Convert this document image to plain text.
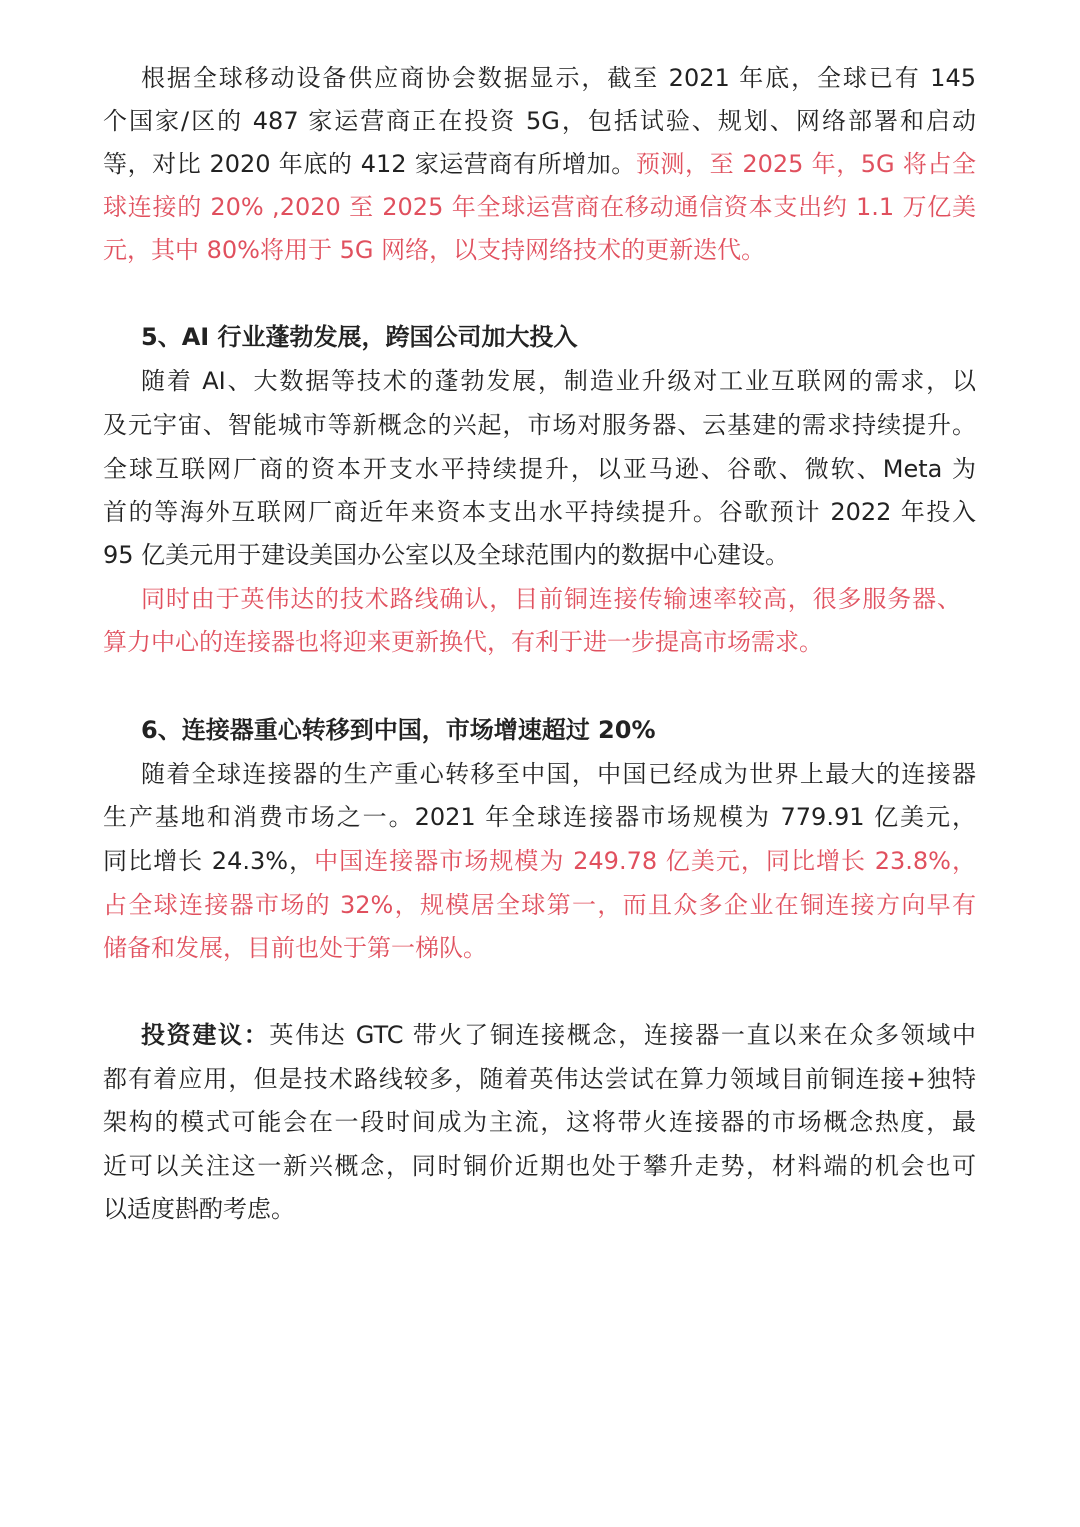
根据全球移动设备供应商协会数据显示，截至 2021 年底，全球已有 145
个国家/区的 487 家运营商正在投资 5G，包括试验、规划、网络部署和启动
等，对比 2020 年底的 412 家运营商有所增加。预测，至 2025 年，5G 将占全
球连接的 20% ,2020 至 2025 年全球运营商在移动通信资本支出约 1.1 万亿美
元，其中 80%将用于 5G 网络，以支持网络技术的更新迭代。
5、AI 行业蓬勃发展，跨国公司加大投入
随着 AI、大数据等技术的蓬勃发展，制造业升级对工业互联网的需求，以
及元宇宙、智能城市等新概念的兴起，市场对服务器、云基建的需求持续提升。
全球互联网厂商的资本开支水平持续提升，以亚马逊、谷歌、微软、Meta 为
首的等海外互联网厂商近年来资本支出水平持续提升。谷歌预计 2022 年投入
95 亿美元用于建设美国办公室以及全球范围内的数据中心建设。
同时由于英伟达的技术路线确认，目前铜连接传输速率较高，很多服务器、
算力中心的连接器也将迎来更新换代，有利于进一步提高市场需求。
6、连接器重心转移到中国，市场增速超过 20%
随着全球连接器的生产重心转移至中国，中国已经成为世界上最大的连接器
生产基地和消费市场之一。2021 年全球连接器市场规模为 779.91 亿美元，
同比增长 24.3%，中国连接器市场规模为 249.78 亿美元，同比增长 23.8%，
占全球连接器市场的 32%，规模居全球第一，而且众多企业在铜连接方向早有
储备和发展，目前也处于第一梯队。
投资建议：英伟达 GTC 带火了铜连接概念，连接器一直以来在众多领域中
都有着应用，但是技术路线较多，随着英伟达尝试在算力领域目前铜连接+独特
架构的模式可能会在一段时间成为主流，这将带火连接器的市场概念热度，最
近可以关注这一新兴概念，同时铜价近期也处于攀升走势，材料端的机会也可
以适度斟酌考虑。
